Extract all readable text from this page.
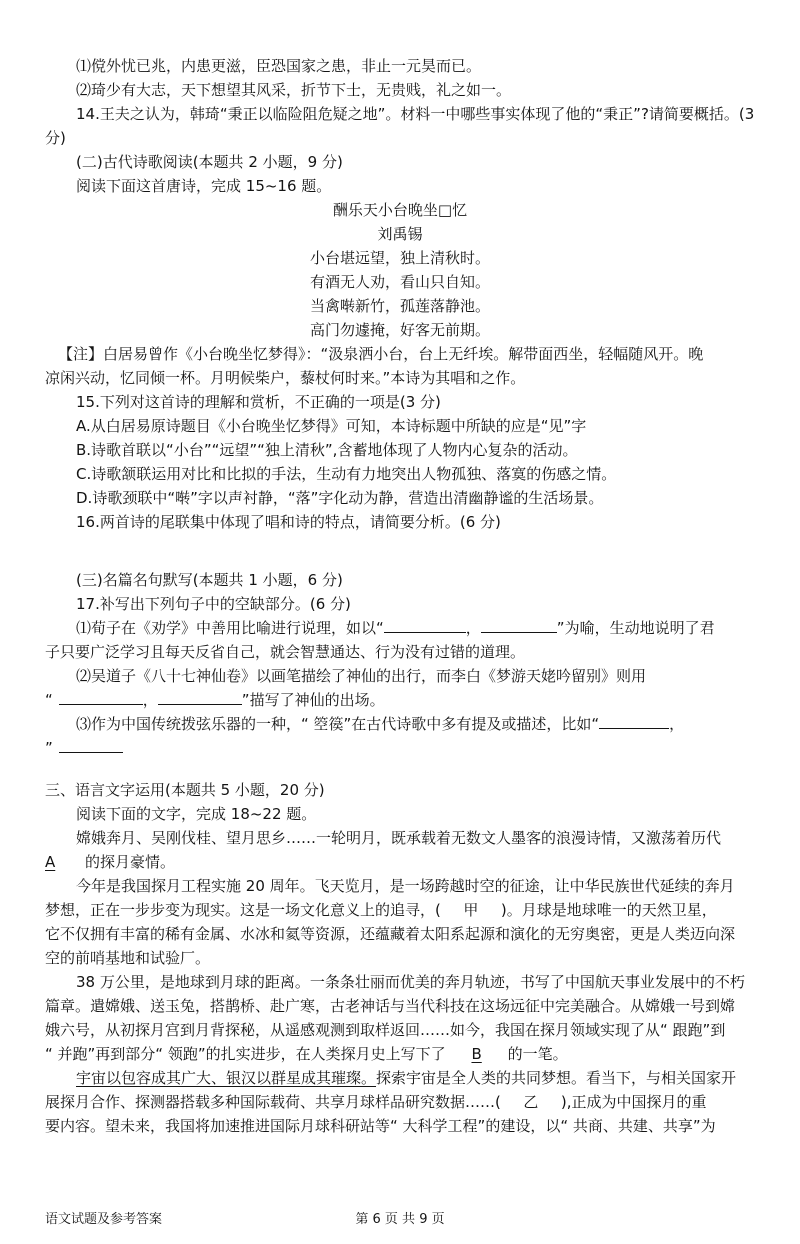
⑴傥外忧已兆，内患更滋，臣恐国家之患，非止一元昊而已。
⑵琦少有大志，天下想望其风采，折节下士，无贵贱，礼之如一。
14.王夫之认为，韩琦“秉正以临险阻危疑之地”。材料一中哪些事实体现了他的“秉正”?请简要概括。(3
分)
(二)古代诗歌阅读(本题共 2 小题，9 分)
阅读下面这首唐诗，完成 15~16 题。
酬乐天小台晚坐□忆
刘禹锡
小台堪远望，独上清秋时。
有酒无人劝，看山只自知。
当禽啭新竹，孤莲落静池。
高门勿遽掩，好客无前期。
【注】白居易曾作《小台晚坐忆梦得》：“汲泉洒小台，台上无纤埃。解带面西坐，轻幅随风开。晚
凉闲兴动，忆同倾一杯。月明候柴户，藜杖何时来。”本诗为其唱和之作。
15.下列对这首诗的理解和赏析，不正确的一项是(3 分)
A.从白居易原诗题目《小台晚坐忆梦得》可知，本诗标题中所缺的应是“见”字
B.诗歌首联以“小台”“远望”“独上清秋”,含蓄地体现了人物内心复杂的活动。
C.诗歌颔联运用对比和比拟的手法，生动有力地突出人物孤独、落寞的伤感之情。
D.诗歌颈联中“啭”字以声衬静，“落”字化动为静，营造出清幽静谧的生活场景。
16.两首诗的尾联集中体现了唱和诗的特点，请简要分析。(6 分)
(三)名篇名句默写(本题共 1 小题，6 分)
17.补写出下列句子中的空缺部分。(6 分)
⑴荀子在《劝学》中善用比喻进行说理，如以“	，	”为喻，生动地说明了君
子只要广泛学习且每天反省自己，就会智慧通达、行为没有过错的道理。
⑵吴道子《八十七神仙卷》以画笔描绘了神仙的出行，而李白《梦游天姥吟留别》则用
“	，	”描写了神仙的出场。
⑶作为中国传统拨弦乐器的一种，“ 箜篌”在古代诗歌中多有提及或描述，比如“	，
”
三、语言文字运用(本题共 5 小题，20 分)
阅读下面的文字，完成 18~22 题。
嫦娥奔月、吴刚伐桂、望月思乡……一轮明月，既承载着无数文人墨客的浪漫诗情，又激荡着历代
A 的探月豪情。
今年是我国探月工程实施 20 周年。飞天览月，是一场跨越时空的征途，让中华民族世代延续的奔月
梦想，正在一步步变为现实。这是一场文化意义上的追寻，( 甲 )。月球是地球唯一的天然卫星，
它不仅拥有丰富的稀有金属、水冰和氦等资源，还蕴藏着太阳系起源和演化的无穷奥密，更是人类迈向深
空的前哨基地和试验厂。
38 万公里，是地球到月球的距离。一条条壮丽而优美的奔月轨迹，书写了中国航天事业发展中的不朽
篇章。遣嫦娥、送玉兔，搭鹊桥、赴广寒，古老神话与当代科技在这场远征中完美融合。从嫦娥一号到嫦
娥六号，从初探月宫到月背探秘，从遥感观测到取样返回……如今，我国在探月领域实现了从“ 跟跑”到
“ 并跑”再到部分“ 领跑”的扎实进步，在人类探月史上写下了 B 的一笔。
宇宙以包容成其广大、银汉以群星成其璀璨。探索宇宙是全人类的共同梦想。看当下，与相关国家开
展探月合作、探测器搭载多种国际载荷、共享月球样品研究数据……( 乙 ),正成为中国探月的重
要内容。望未来，我国将加速推进国际月球科研站等“ 大科学工程”的建设，以“ 共商、共建、共享”为
语文试题及参考答案	第 6 页 共 9 页
